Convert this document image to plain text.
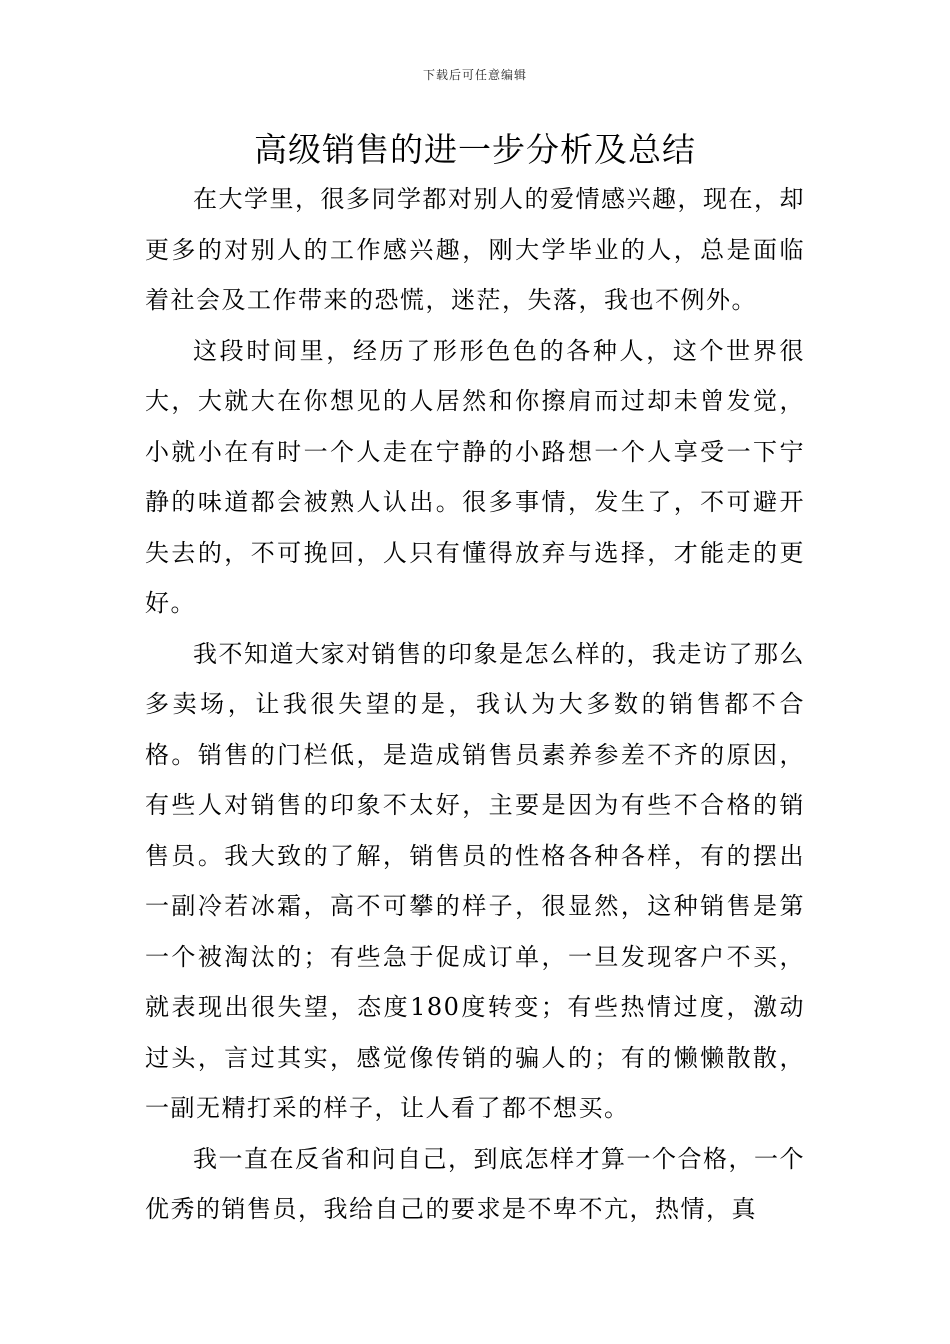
下载后可任意编辑
高级销售的进一步分析及总结

在大学里，很多同学都对别人的爱情感兴趣，现在，却更多的对别人的工作感兴趣，刚大学毕业的人，总是面临着社会及工作带来的恐慌，迷茫，失落，我也不例外。

这段时间里，经历了形形色色的各种人，这个世界很大，大就大在你想见的人居然和你擦肩而过却未曾发觉，小就小在有时一个人走在宁静的小路想一个人享受一下宁静的味道都会被熟人认出。很多事情，发生了，不可避开失去的，不可挽回，人只有懂得放弃与选择，才能走的更好。

我不知道大家对销售的印象是怎么样的，我走访了那么多卖场，让我很失望的是，我认为大多数的销售都不合格。销售的门栏低，是造成销售员素养参差不齐的原因，有些人对销售的印象不太好，主要是因为有些不合格的销售员。我大致的了解，销售员的性格各种各样，有的摆出一副冷若冰霜，高不可攀的样子，很显然，这种销售是第一个被淘汰的；有些急于促成订单，一旦发现客户不买，就表现出很失望，态度180度转变；有些热情过度，激动过头，言过其实，感觉像传销的骗人的；有的懒懒散散，一副无精打采的样子，让人看了都不想买。

我一直在反省和问自己，到底怎样才算一个合格，一个优秀的销售员，我给自己的要求是不卑不亢，热情，真
